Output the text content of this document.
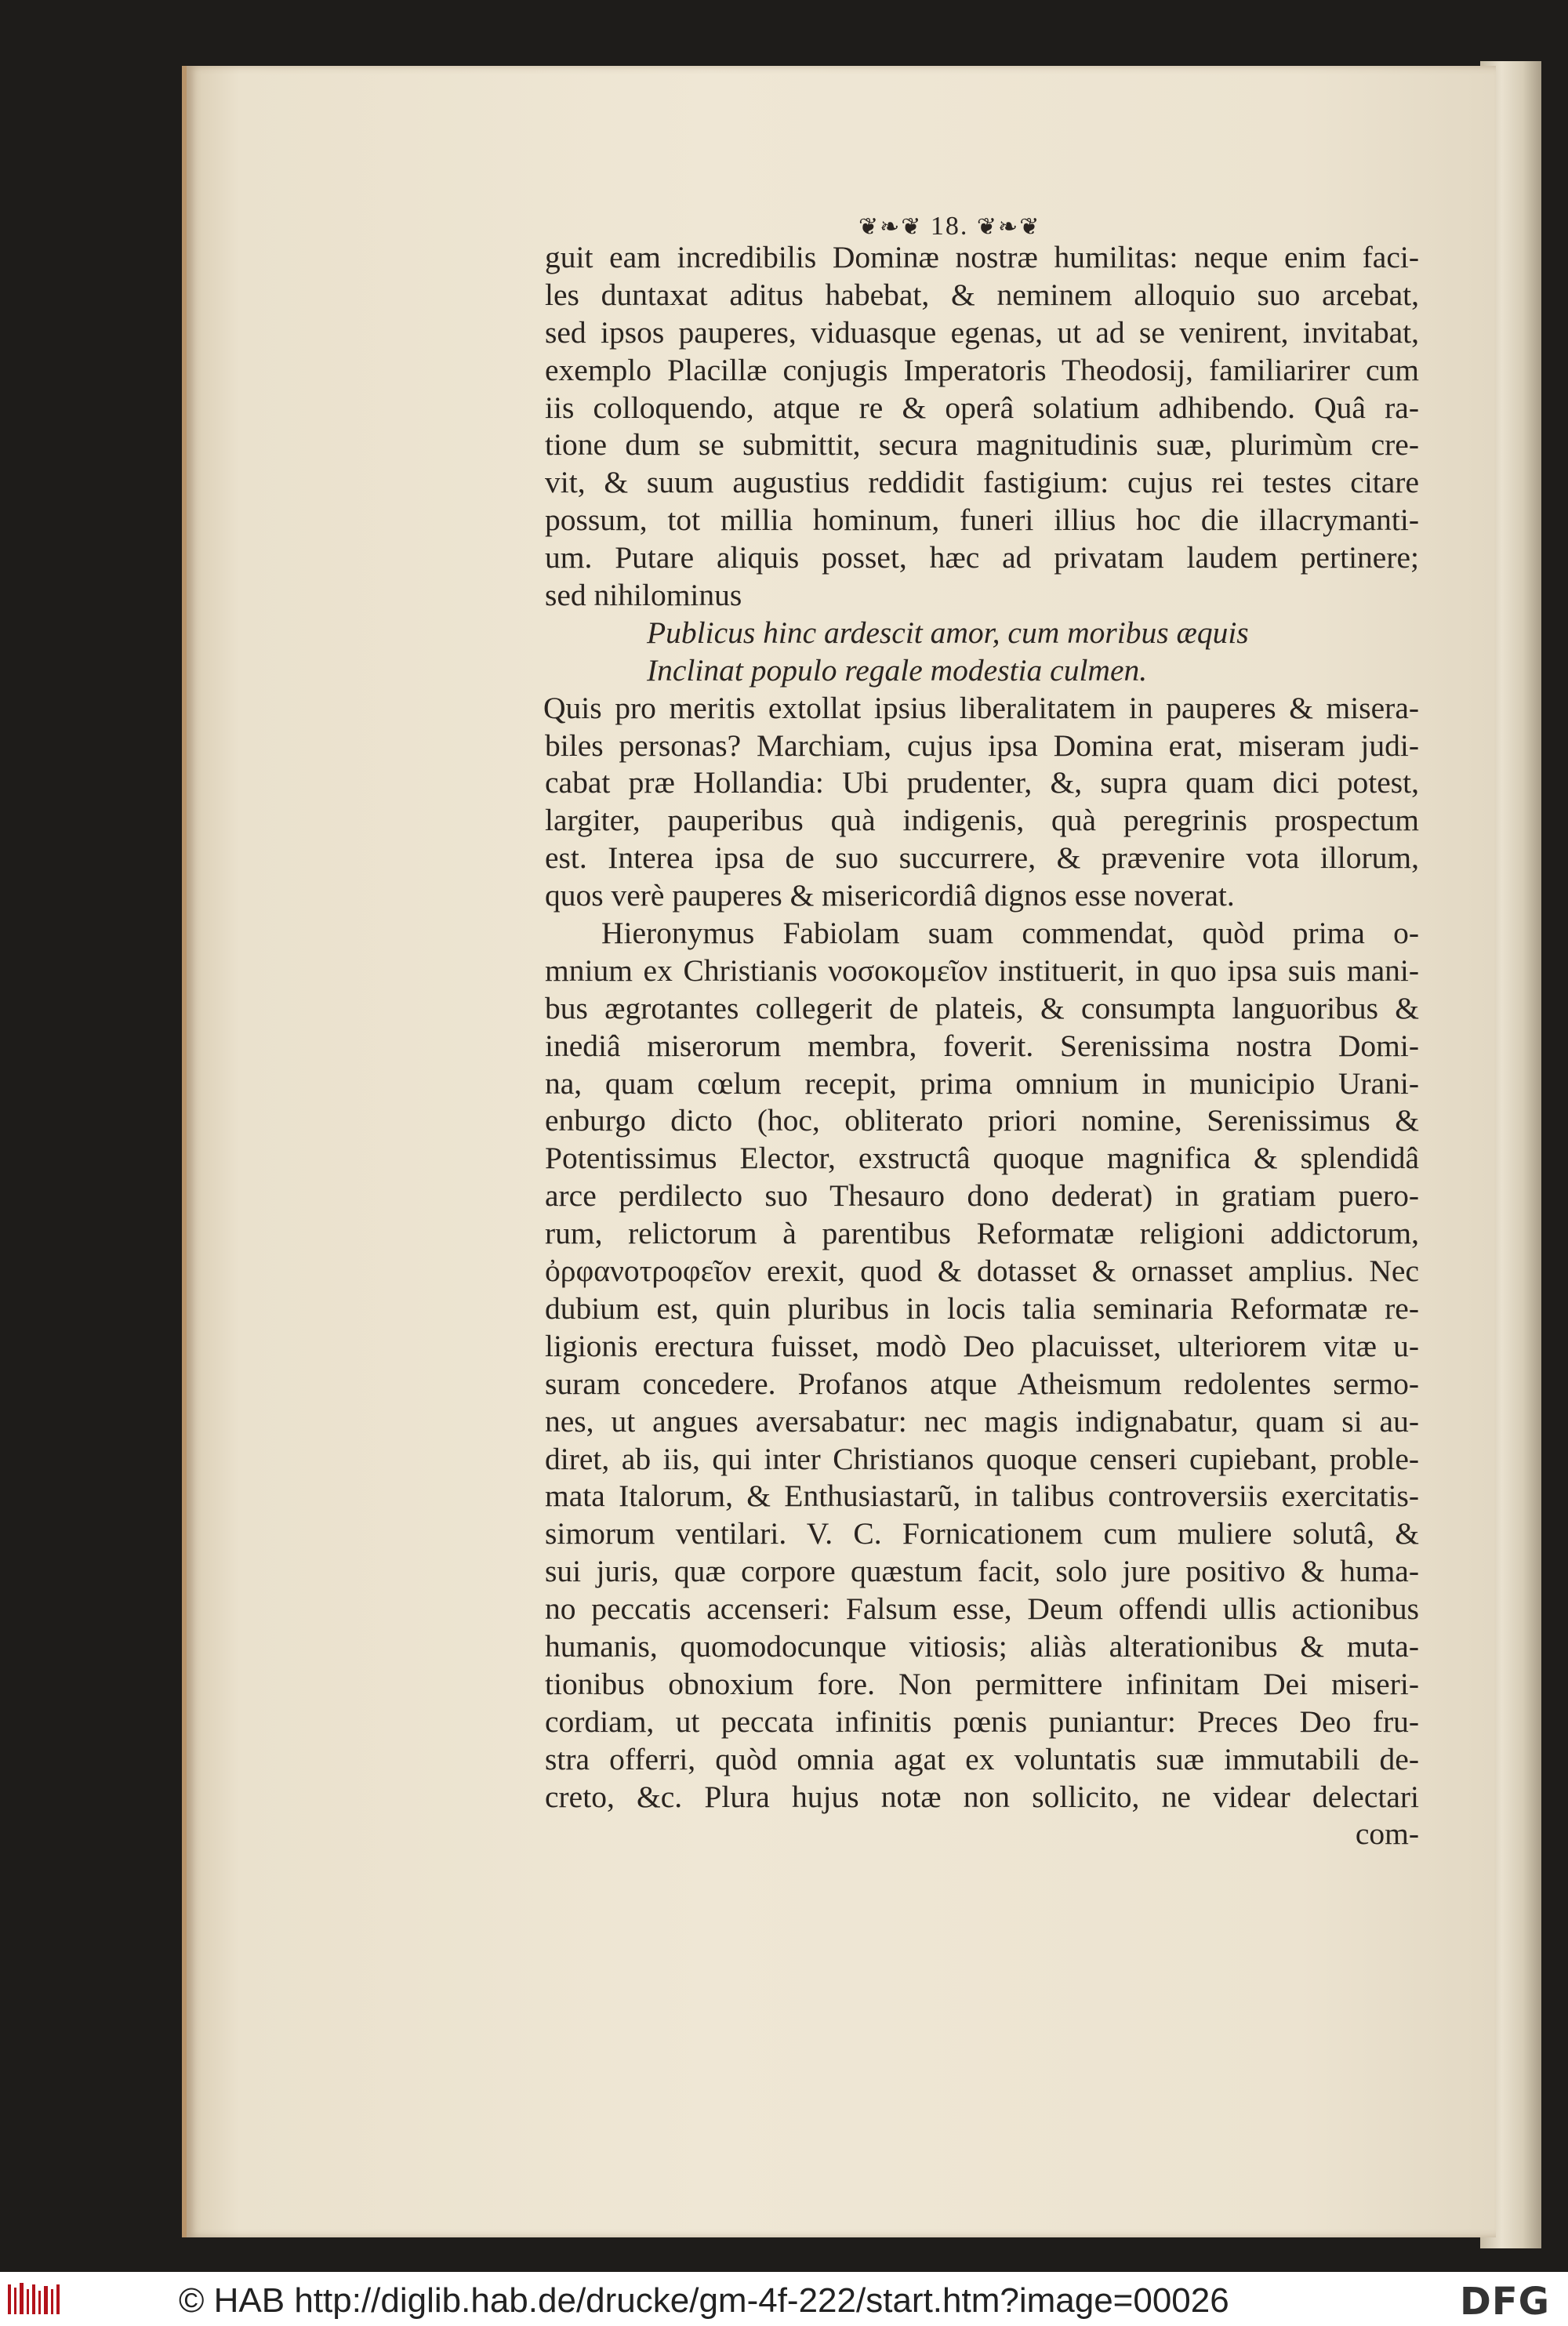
❦❧❦ 18. ❦❧❦
guit eam incredibilis Dominæ nostræ humilitas: neque enim faci-
les duntaxat aditus habebat, & neminem alloquio suo arcebat,
sed ipsos pauperes, viduasque egenas, ut ad se venirent, invitabat,
exemplo Placillæ conjugis Imperatoris Theodosij, familiarirer cum
iis colloquendo, atque re & operâ solatium adhibendo. Quâ ra-
tione dum se submittit, secura magnitudinis suæ, plurimùm cre-
vit, & suum augustius reddidit fastigium: cujus rei testes citare
possum, tot millia hominum, funeri illius hoc die illacrymanti-
um. Putare aliquis posset, hæc ad privatam laudem pertinere;
sed nihilominus
Publicus hinc ardescit amor, cum moribus æquis
Inclinat populo regale modestia culmen.
Quis pro meritis extollat ipsius liberalitatem in pauperes & misera-
biles personas? Marchiam, cujus ipsa Domina erat, miseram judi-
cabat præ Hollandia: Ubi prudenter, &, supra quam dici potest,
largiter, pauperibus quà indigenis, quà peregrinis prospectum
est. Interea ipsa de suo succurrere, & prævenire vota illorum,
quos verè pauperes & misericordiâ dignos esse noverat.
Hieronymus Fabiolam suam commendat, quòd prima o-
mnium ex Christianis νοσοκομεῖον instituerit, in quo ipsa suis mani-
bus ægrotantes collegerit de plateis, & consumpta languoribus &
inediâ miserorum membra, foverit. Serenissima nostra Domi-
na, quam cœlum recepit, prima omnium in municipio Urani-
enburgo dicto (hoc, obliterato priori nomine, Serenissimus &
Potentissimus Elector, exstructâ quoque magnifica & splendidâ
arce perdilecto suo Thesauro dono dederat) in gratiam puero-
rum, relictorum à parentibus Reformatæ religioni addictorum,
ὀρφανοτροφεῖον erexit, quod & dotasset & ornasset amplius. Nec
dubium est, quin pluribus in locis talia seminaria Reformatæ re-
ligionis erectura fuisset, modò Deo placuisset, ulteriorem vitæ u-
suram concedere. Profanos atque Atheismum redolentes sermo-
nes, ut angues aversabatur: nec magis indignabatur, quam si au-
diret, ab iis, qui inter Christianos quoque censeri cupiebant, proble-
mata Italorum, & Enthusiastarũ, in talibus controversiis exercitatis-
simorum ventilari. V. C. Fornicationem cum muliere solutâ, &
sui juris, quæ corpore quæstum facit, solo jure positivo & huma-
no peccatis accenseri: Falsum esse, Deum offendi ullis actionibus
humanis, quomodocunque vitiosis; aliàs alterationibus & muta-
tionibus obnoxium fore. Non permittere infinitam Dei miseri-
cordiam, ut peccata infinitis pœnis puniantur: Preces Deo fru-
stra offerri, quòd omnia agat ex voluntatis suæ immutabili de-
creto, &c. Plura hujus notæ non sollicito, ne videar delectari
com-
© HAB http://diglib.hab.de/drucke/gm-4f-222/start.htm?image=00026	DFG
